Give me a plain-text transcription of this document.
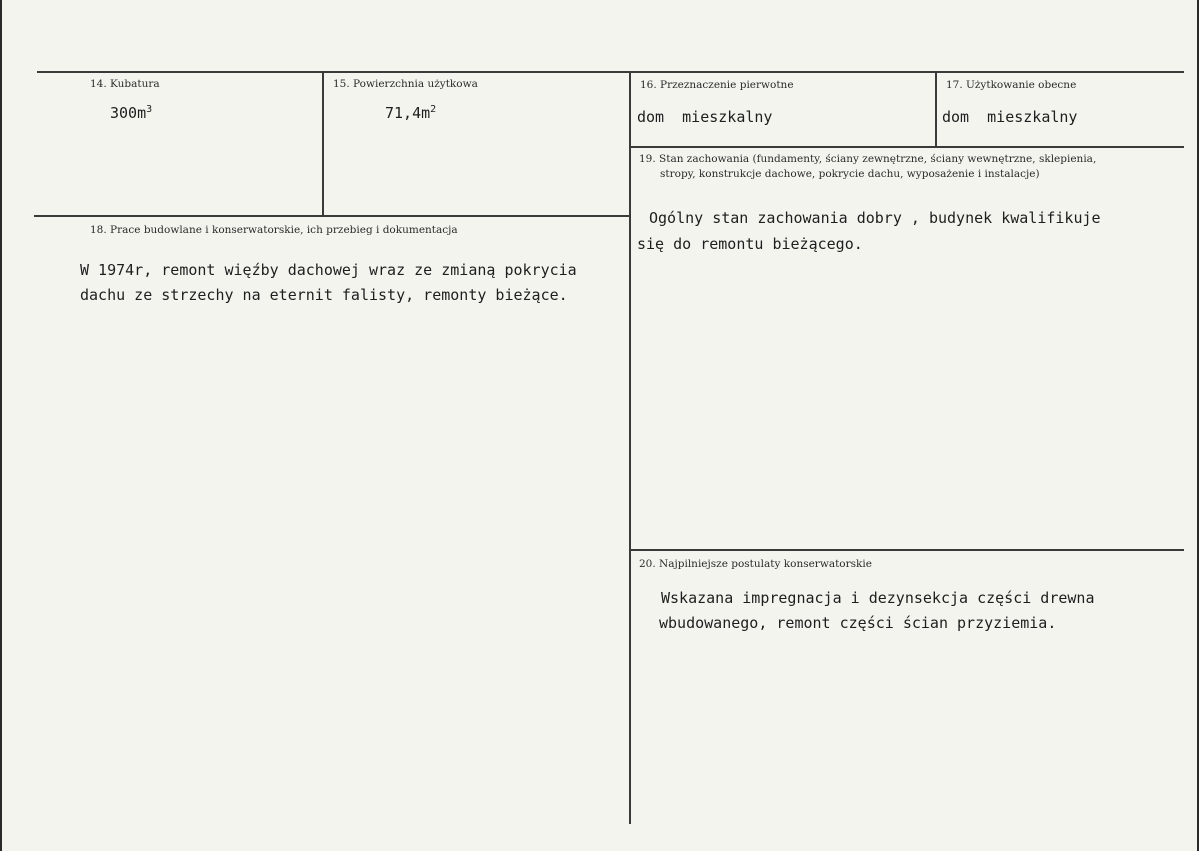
14. Kubatura
$300m^3$
15. Powierzchnia użytkowa
$71,4m^2$
16. Przeznaczenie pierwotne
dom  mieszkalny
17. Użytkowanie obecne
dom  mieszkalny
18. Prace budowlane i konserwatorskie, ich przebieg i dokumentacja
W 1974r, remont więźby dachowej wraz ze zmianą pokrycia
dachu ze strzechy na eternit falisty, remonty bieżące.
19. Stan zachowania (fundamenty, ściany zewnętrzne, ściany wewnętrzne, sklepienia,
stropy, konstrukcje dachowe, pokrycie dachu, wyposażenie i instalacje)
Ogólny stan zachowania dobry , budynek kwalifikuje
się do remontu bieżącego.
20. Najpilniejsze postulaty konserwatorskie
Wskazana impregnacja i dezynsekcja części drewna
wbudowanego, remont części ścian przyziemia.
